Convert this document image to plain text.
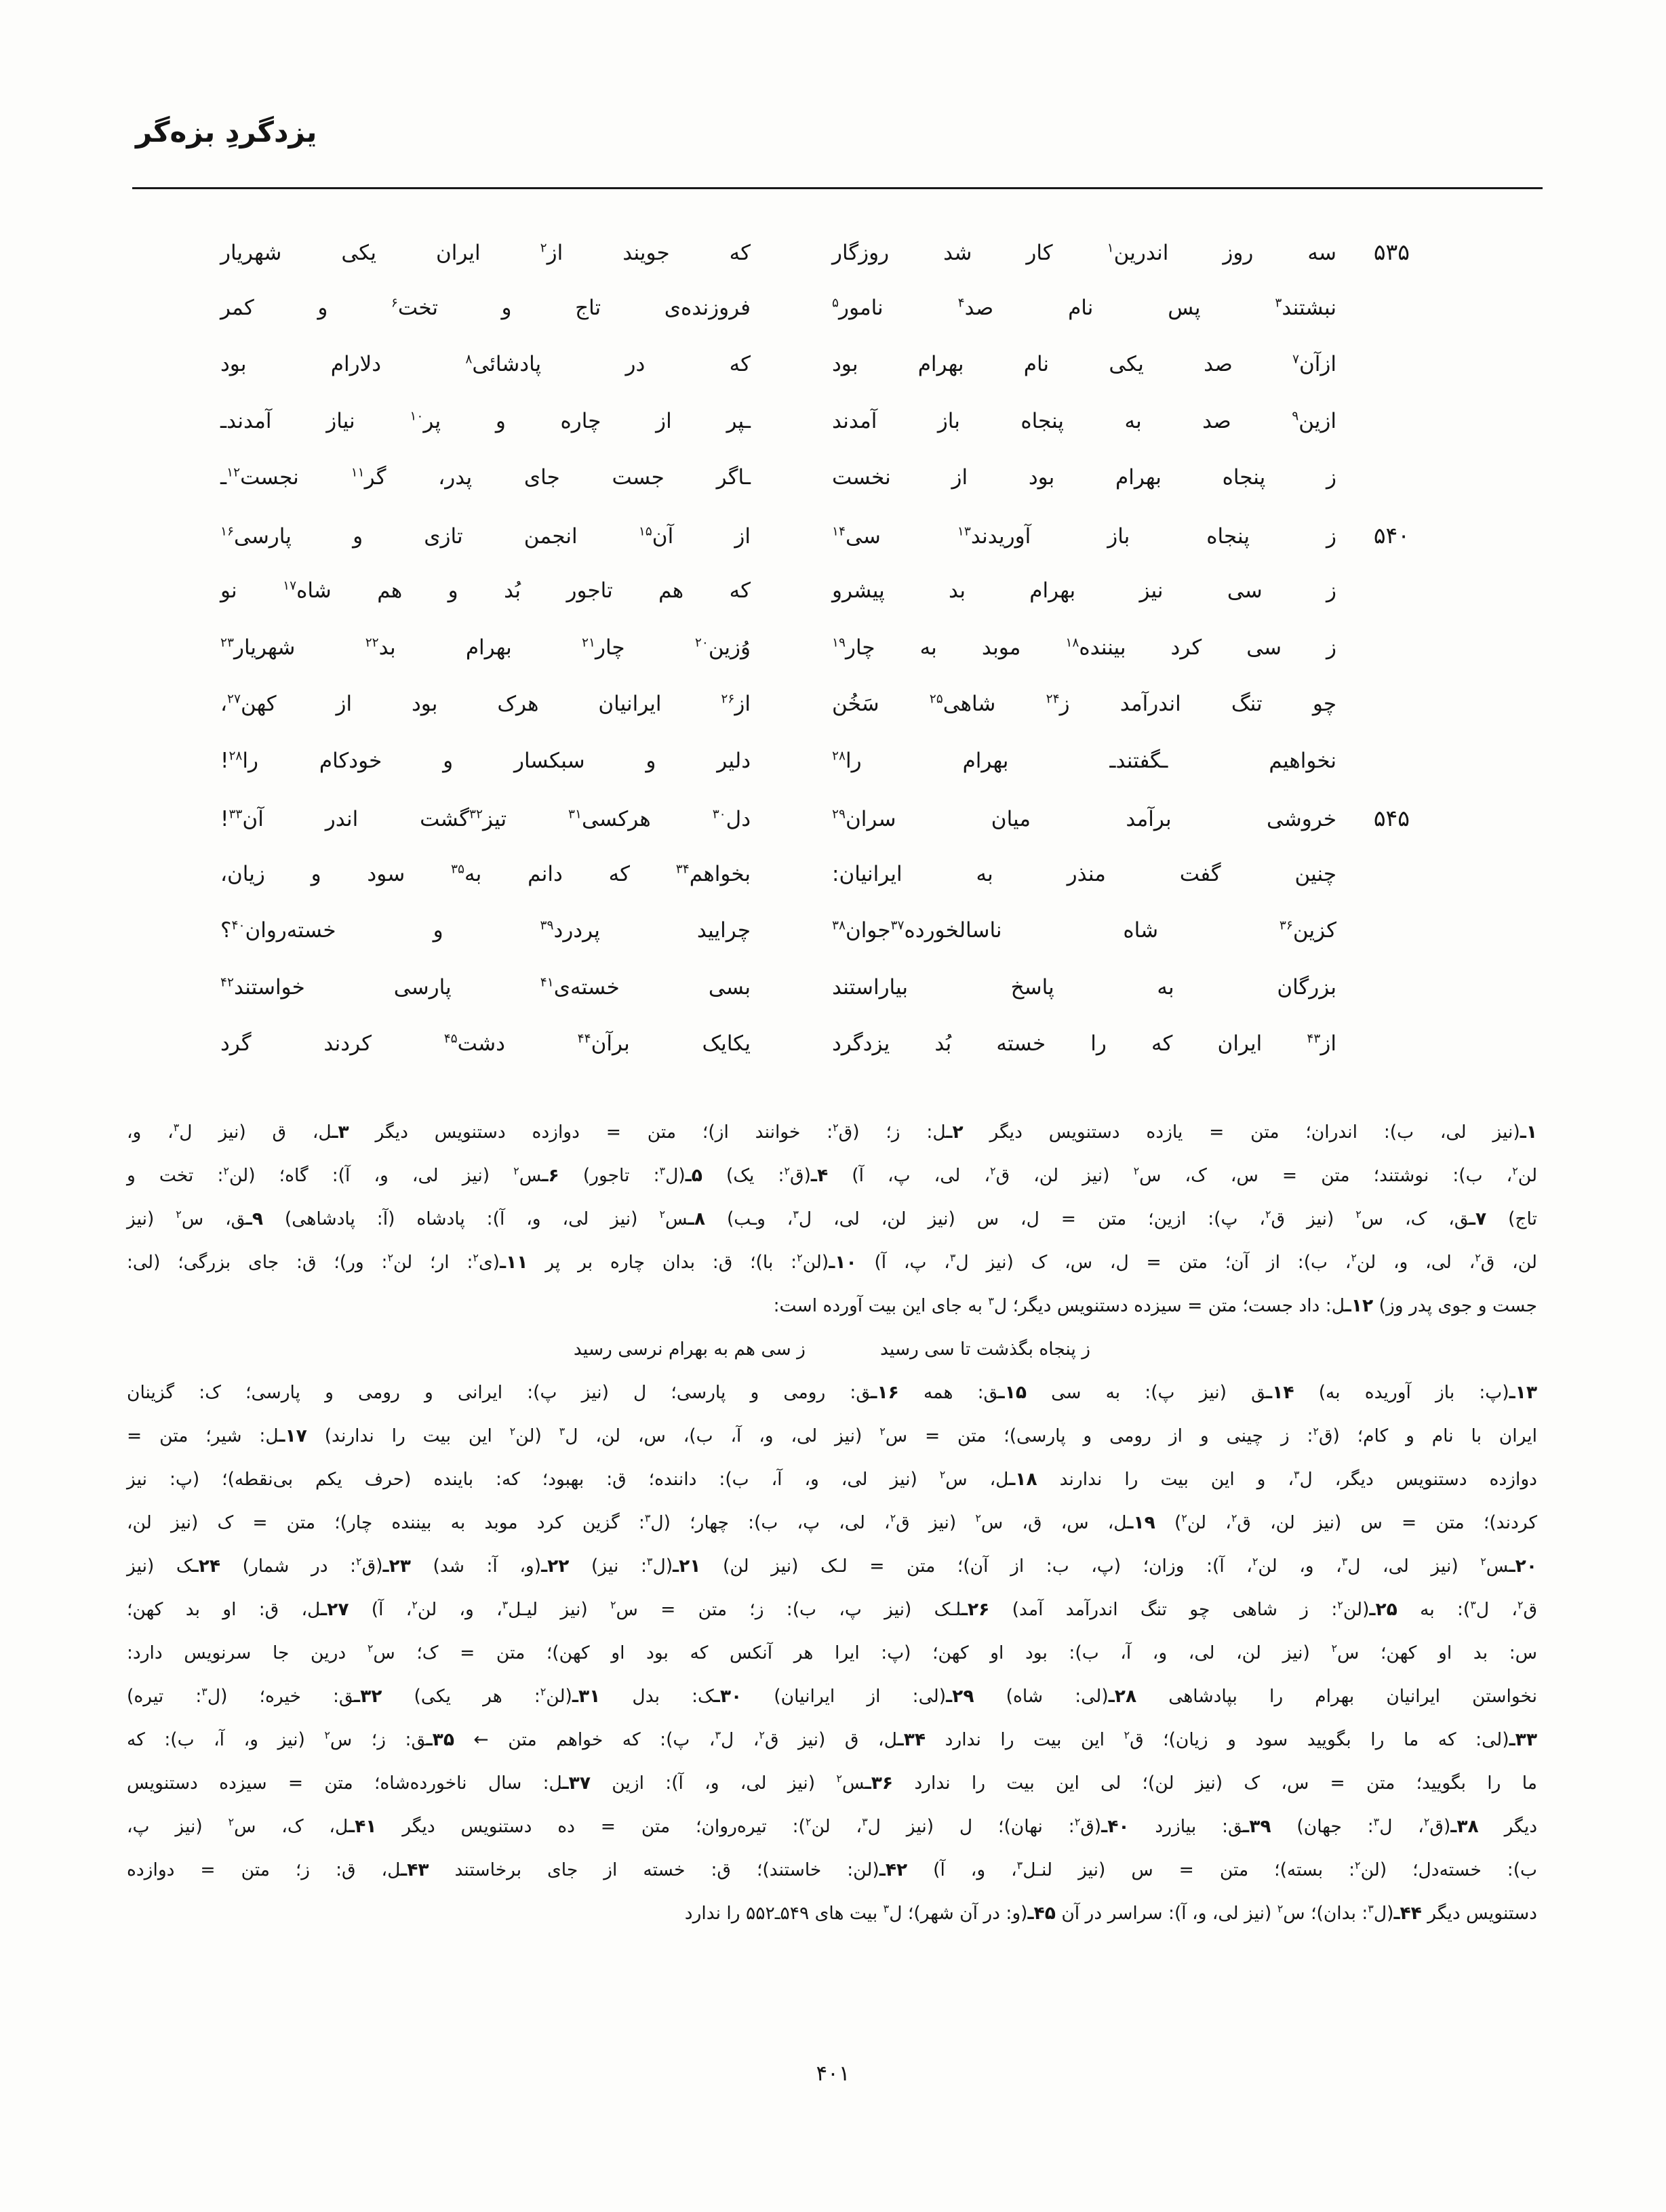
یزدگردِ بزه‌گر
۵۳۵
سه روز اندرین$^۱$ کار شد روزگار
که جویند از$^۲$ ایران یکی شهریار
نبشتند$^۳$ پس نام صد$^۴$ نامور$^۵$
فروزنده‌ی تاج و تخت$^۶$ و کمر
ازآن$^۷$ صد یکی نام بهرام بود
که در پادشائی$^۸$ دلارام بود
ازین$^۹$ صد به پنجاه باز آمدند
ـپر از چاره و پر$^{۱۰}$ نیاز آمدندـ
ز پنجاه بهرام بود از نخست
ـاگر جست جای پدر، گر$^{۱۱}$ نجست$^{۱۲}$ـ
۵۴۰
ز پنجاه باز آوریدند$^{۱۳}$ سی$^{۱۴}$
از آن$^{۱۵}$ انجمن تازی و پارسی$^{۱۶}$
ز سی نیز بهرام بد پیشرو
که هم تاجور بُد و هم شاه$^{۱۷}$ نو
ز سی کرد بیننده$^{۱۸}$ موبد به چار$^{۱۹}$
وُزین$^{۲۰}$ چار$^{۲۱}$ بهرام بد$^{۲۲}$ شهریار$^{۲۳}$
چو تنگ اندرآمد ز$^{۲۴}$ شاهی$^{۲۵}$ سَخُن
از$^{۲۶}$ ایرانیان هرک بود از کهن$^{۲۷}$،
نخواهیم ـگفتندـ بهرام را$^{۲۸}$
دلیر و سبکسار و خودکام را$^{۲۸}$!
۵۴۵
خروشی برآمد میان سران$^{۲۹}$
دل$^{۳۰}$ هرکسی$^{۳۱}$ تیز$^{۳۲}$گشت اندر آن$^{۳۳}$!
چنین گفت منذر به ایرانیان:
بخواهم$^{۳۴}$ که دانم به$^{۳۵}$ سود و زیان،
کزین$^{۳۶}$ شاه ناسالخورده$^{۳۷}$جوان$^{۳۸}$
چرایید پردرد$^{۳۹}$ و خسته‌روان$^{۴۰}$؟
بزرگان به پاسخ بیاراستند
بسی خسته‌ی$^{۴۱}$ پارسی خواستند$^{۴۲}$
از$^{۴۳}$ ایران که را خسته بُد یزدگرد
یکایک برآن$^{۴۴}$ دشت$^{۴۵}$ کردند گرد
۱ـ(نیز لی، ب): اندران؛ متن = یازده دستنویس دیگر ۲ـل: ز؛ (ق$^۲$: خوانند از)؛ متن = دوازده دستنویس دیگر ۳ـل، ق (نیز ل$^۳$، و،
لن$^۲$، ب): نوشتند؛ متن = س، ک، س$^۲$ (نیز لن، ق$^۲$، لی، پ، آ) ۴ـ(ق$^۲$: یک) ۵ـ(ل$^۳$: تاجور) ۶ـس$^۲$ (نیز لی، و، آ): گاه؛ (لن$^۲$: تخت و
تاج) ۷ـق، ک، س$^۲$ (نیز ق$^۲$، پ): ازین؛ متن = ل، س (نیز لن، لی، ل$^۳$، وـب) ۸ـس$^۲$ (نیز لی، و، آ): پادشاه (آ: پادشاهی) ۹ـق، س$^۲$ (نیز
لن، ق$^۲$، لی، و، لن$^۲$، ب): از آن؛ متن = ل، س، ک (نیز ل$^۳$، پ، آ) ۱۰ـ(لن$^۲$: با)؛ ق: بدان چاره بر پر ۱۱ـ(ی$^۲$: ار؛ لن$^۲$: ور)؛ ق: جای بزرگی؛ (لی:
جست و جوی پدر وز) ۱۲ـل: داد جست؛ متن = سیزده دستنویس دیگر؛ ل$^۳$ به جای این بیت آورده است:
ز پنجاه بگذشت تا سی رسید
ز سی هم به بهرام نرسی رسید
۱۳ـ(پ: باز آوریده به) ۱۴ـق (نیز پ): به سی ۱۵ـق: همه ۱۶ـق: رومی و پارسی؛ ل (نیز پ): ایرانی و رومی و پارسی؛ ک: گزینان
ایران با نام و کام؛ (ق$^۲$: ز چینی و از رومی و پارسی)؛ متن = س$^۲$ (نیز لی، و، آ، ب)، س، لن، ل$^۳$ (لن$^۲$ این بیت را ندارند) ۱۷ـل: شیر؛ متن =
دوازده دستنویس دیگر، ل$^۳$، و این بیت را ندارند ۱۸ـل، س$^۲$ (نیز لی، و، آ، ب): داننده؛ ق: بهبود؛ که: باینده (حرف یکم بی‌نقطه)؛ (پ: نیز
کردند)؛ متن = س (نیز لن، ق$^۲$، لن$^۲$) ۱۹ـل، س، ق، س$^۲$ (نیز ق$^۲$، لی، پ، ب): چهار؛ (ل$^۳$: گزین کرد موبد به بیننده چار)؛ متن = ک (نیز لن،
۲۰ـس$^۲$ (نیز لی، ل$^۳$، و، لن$^۲$، آ): وزان؛ (پ، ب: از آن)؛ متن = لـک (نیز لن) ۲۱ـ(ل$^۳$: نیز) ۲۲ـ(و، آ: شد) ۲۳ـ(ق$^۲$: در شمار) ۲۴ـک (نیز
ق$^۲$، ل$^۳$): به ۲۵ـ(لن$^۲$: ز شاهی چو تنگ اندرآمد آمد) ۲۶ـلـک (نیز پ، ب): ز؛ متن = س$^۲$ (نیز لیـل$^۳$، و، لن$^۲$، آ) ۲۷ـل، ق: او بد کهن؛
س: بد او کهن؛ س$^۲$ (نیز لن، لی، و، آ، ب): بود او کهن؛ (پ: ایرا هر آنکس که بود او کهن)؛ متن = ک؛ س$^۲$ درین جا سرنویس دارد:
نخواستن ایرانیان بهرام را بپادشاهی ۲۸ـ(لی: شاه) ۲۹ـ(لی: از ایرانیان) ۳۰ـک: بدل ۳۱ـ(لن$^۲$: هر یکی) ۳۲ـق: خیره؛ (ل$^۳$: تیره)
۳۳ـ(لی: که ما را بگویید سود و زیان)؛ ق$^۲$ این بیت را ندارد ۳۴ـل، ق (نیز ق$^۲$، ل$^۳$، پ): که خواهم متن ← ۳۵ـق: ز؛ س$^۲$ (نیز و، آ، ب): که
ما را بگویید؛ متن = س، ک (نیز لن)؛ لی این بیت را ندارد ۳۶ـس$^۲$ (نیز لی، و، آ): ازین ۳۷ـل: سال ناخورده‌شاه؛ متن = سیزده دستنویس
دیگر ۳۸ـ(ق$^۲$، ل$^۳$: جهان) ۳۹ـق: بیازرد ۴۰ـ(ق$^۲$: نهان)؛ ل (نیز ل$^۳$، لن$^۲$): تیره‌روان؛ متن = ده دستنویس دیگر ۴۱ـل، ک، س$^۲$ (نیز پ،
ب): خسته‌دل؛ (لن$^۲$: بسته)؛ متن = س (نیز لنـل$^۳$، و، آ) ۴۲ـ(لن: خاستند)؛ ق: خسته از جای برخاستند ۴۳ـل، ق: ز؛ متن = دوازده
دستنویس دیگر ۴۴ـ(ل$^۳$: بدان)؛ س$^۲$ (نیز لی، و، آ): سراسر در آن ۴۵ـ(و: در آن شهر)؛ ل$^۳$ بیت های ۵۴۹ـ۵۵۲ را ندارد
۴۰۱
